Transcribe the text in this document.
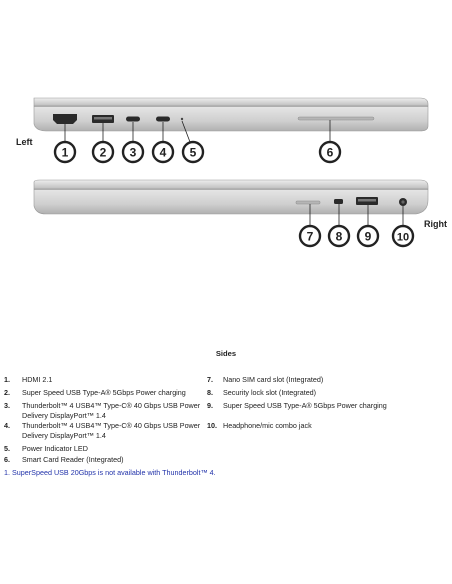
1	2 3 4 5	6
7 8 9 10
Left
Right
Sides
1. HDMI 2.1
2. Super Speed USB Type-A® 5Gbps Power charging
3. Thunderbolt™ 4 USB4™ Type-C® 40 Gbps USB Power
Delivery DisplayPort™ 1.4
4. Thunderbolt™ 4 USB4™ Type-C® 40 Gbps USB Power
Delivery DisplayPort™ 1.4
5. Power Indicator LED
6. Smart Card Reader (Integrated)
7. Nano SIM card slot (Integrated)
8. Security lock slot (Integrated)
9. Super Speed USB Type-A® 5Gbps Power charging
10. Headphone/mic combo jack
1. SuperSpeed USB 20Gbps is not available with Thunderbolt™ 4.
